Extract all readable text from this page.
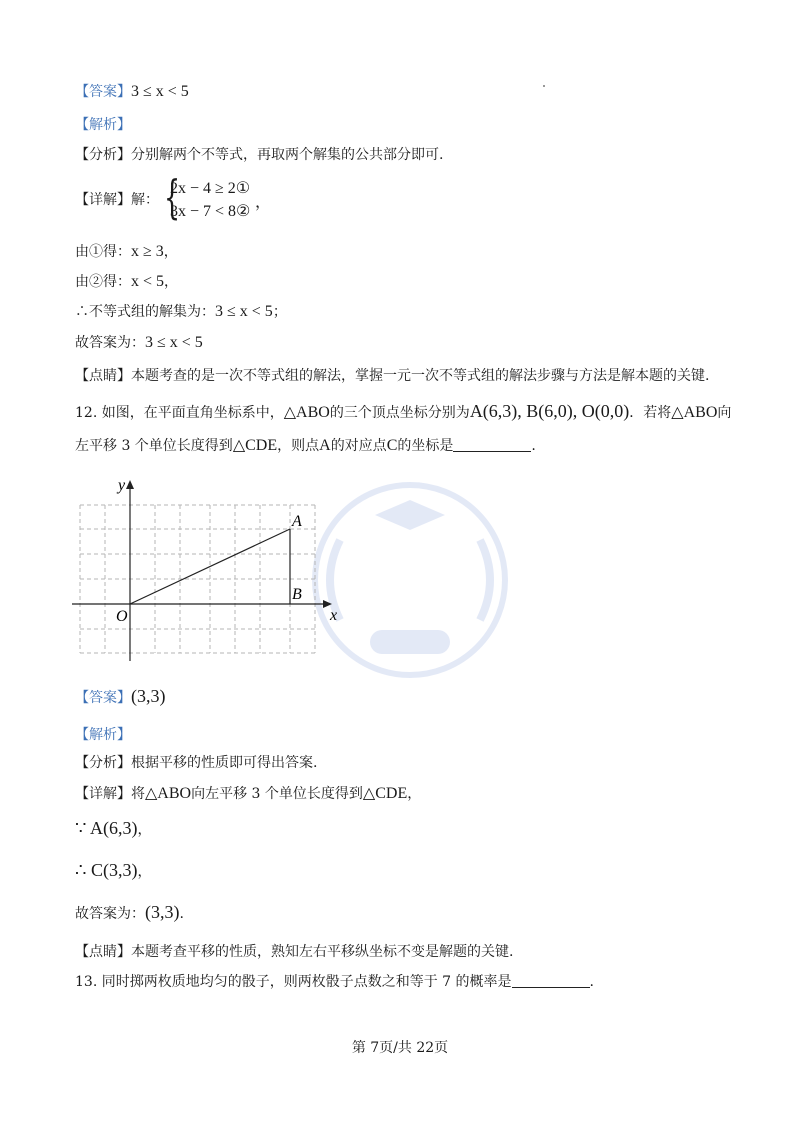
【答案】3 ≤ x < 5
【解析】
【分析】分别解两个不等式，再取两个解集的公共部分即可.
【详解】解： {
2x − 4 ≥ 2①
3x − 7 < 8②
，
由①得：x ≥ 3，
由②得：x < 5，
∴不等式组的解集为：3 ≤ x < 5；
故答案为：3 ≤ x < 5
【点睛】本题考查的是一次不等式组的解法，掌握一元一次不等式组的解法步骤与方法是解本题的关键.
12. 如图，在平面直角坐标系中，△ABO的三个顶点坐标分别为A(6,3), B(6,0), O(0,0)．若将△ABO向
左平移 3 个单位长度得到△CDE，则点A的对应点C的坐标是	.
y
x
O
A
B
【答案】(3,3)
【解析】
【分析】根据平移的性质即可得出答案.
【详解】将△ABO向左平移 3 个单位长度得到△CDE，
∵ A(6,3)，
∴ C(3,3)，
故答案为：(3,3).
【点睛】本题考查平移的性质，熟知左右平移纵坐标不变是解题的关键.
13. 同时掷两枚质地均匀的骰子，则两枚骰子点数之和等于 7 的概率是	.
第 7页/共 22页
